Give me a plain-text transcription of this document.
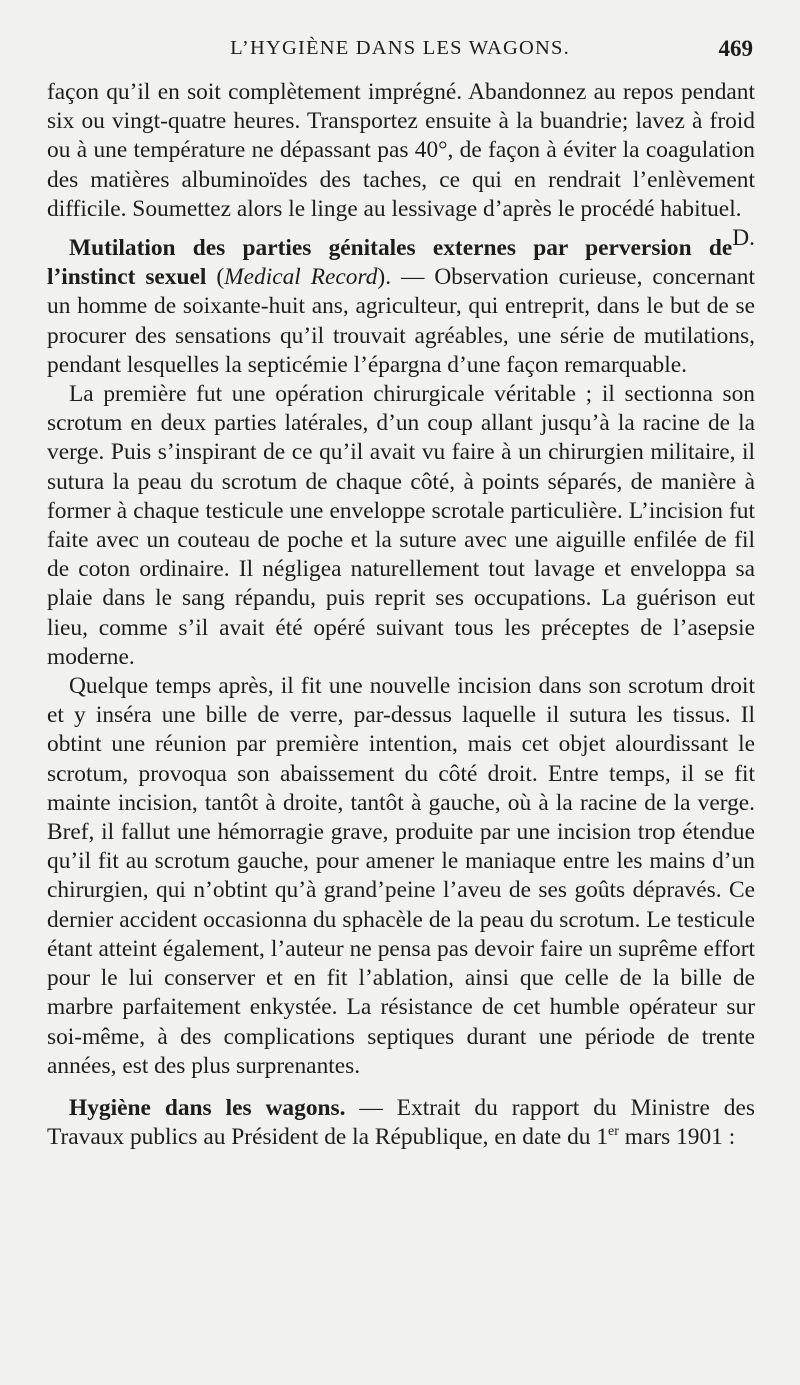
L’HYGIÈNE DANS LES WAGONS.	469

façon qu’il en soit complètement imprégné. Abandonnez au repos pendant six ou vingt-quatre heures. Transportez ensuite à la buandrie; lavez à froid ou à une température ne dépassant pas 40°, de façon à éviter la coagulation des matières albuminoïdes des taches, ce qui en rendrait l’enlèvement difficile. Soumettez alors le linge au lessivage d’après le procédé habituel.
D.

Mutilation des parties génitales externes par perversion de l’instinct sexuel (Medical Record). — Observation curieuse, concernant un homme de soixante-huit ans, agriculteur, qui entreprit, dans le but de se procurer des sensations qu’il trouvait agréables, une série de mutilations, pendant lesquelles la septicémie l’épargna d’une façon remarquable.

La première fut une opération chirurgicale véritable ; il sectionna son scrotum en deux parties latérales, d’un coup allant jusqu’à la racine de la verge. Puis s’inspirant de ce qu’il avait vu faire à un chirurgien militaire, il sutura la peau du scrotum de chaque côté, à points séparés, de manière à former à chaque testicule une enveloppe scrotale particulière. L’incision fut faite avec un couteau de poche et la suture avec une aiguille enfilée de fil de coton ordinaire. Il négligea naturellement tout lavage et enveloppa sa plaie dans le sang répandu, puis reprit ses occupations. La guérison eut lieu, comme s’il avait été opéré suivant tous les préceptes de l’asepsie moderne.

Quelque temps après, il fit une nouvelle incision dans son scrotum droit et y inséra une bille de verre, par-dessus laquelle il sutura les tissus. Il obtint une réunion par première intention, mais cet objet alourdissant le scrotum, provoqua son abaissement du côté droit. Entre temps, il se fit mainte incision, tantôt à droite, tantôt à gauche, où à la racine de la verge. Bref, il fallut une hémorragie grave, produite par une incision trop étendue qu’il fit au scrotum gauche, pour amener le maniaque entre les mains d’un chirurgien, qui n’obtint qu’à grand’peine l’aveu de ses goûts dépravés. Ce dernier accident occasionna du sphacèle de la peau du scrotum. Le testicule étant atteint également, l’auteur ne pensa pas devoir faire un suprême effort pour le lui conserver et en fit l’ablation, ainsi que celle de la bille de marbre parfaitement enkystée. La résistance de cet humble opérateur sur soi-même, à des complications septiques durant une période de trente années, est des plus surprenantes.

Hygiène dans les wagons. — Extrait du rapport du Ministre des Travaux publics au Président de la République, en date du 1er mars 1901 :
